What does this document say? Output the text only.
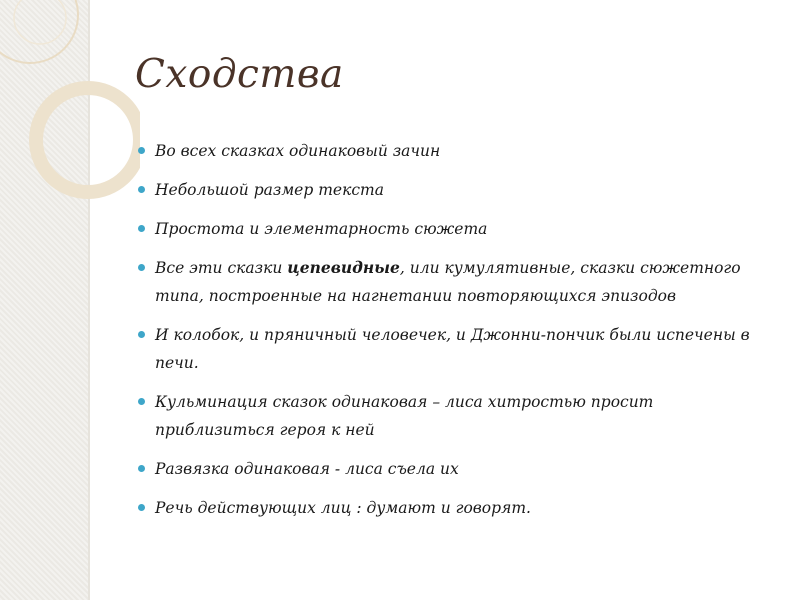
Сходства
Во всех сказках одинаковый зачин
Небольшой размер текста
Простота и элементарность сюжета
Все эти сказки цепевидные, или кумулятивные, сказки сюжетного типа, построенные на нагнетании повторяющихся эпизодов
И колобок, и пряничный человечек, и Джонни-пончик были испечены в печи.
Кульминация сказок одинаковая – лиса хитростью просит приблизиться героя к ней
Развязка одинаковая - лиса съела их
Речь действующих лиц : думают и говорят.
